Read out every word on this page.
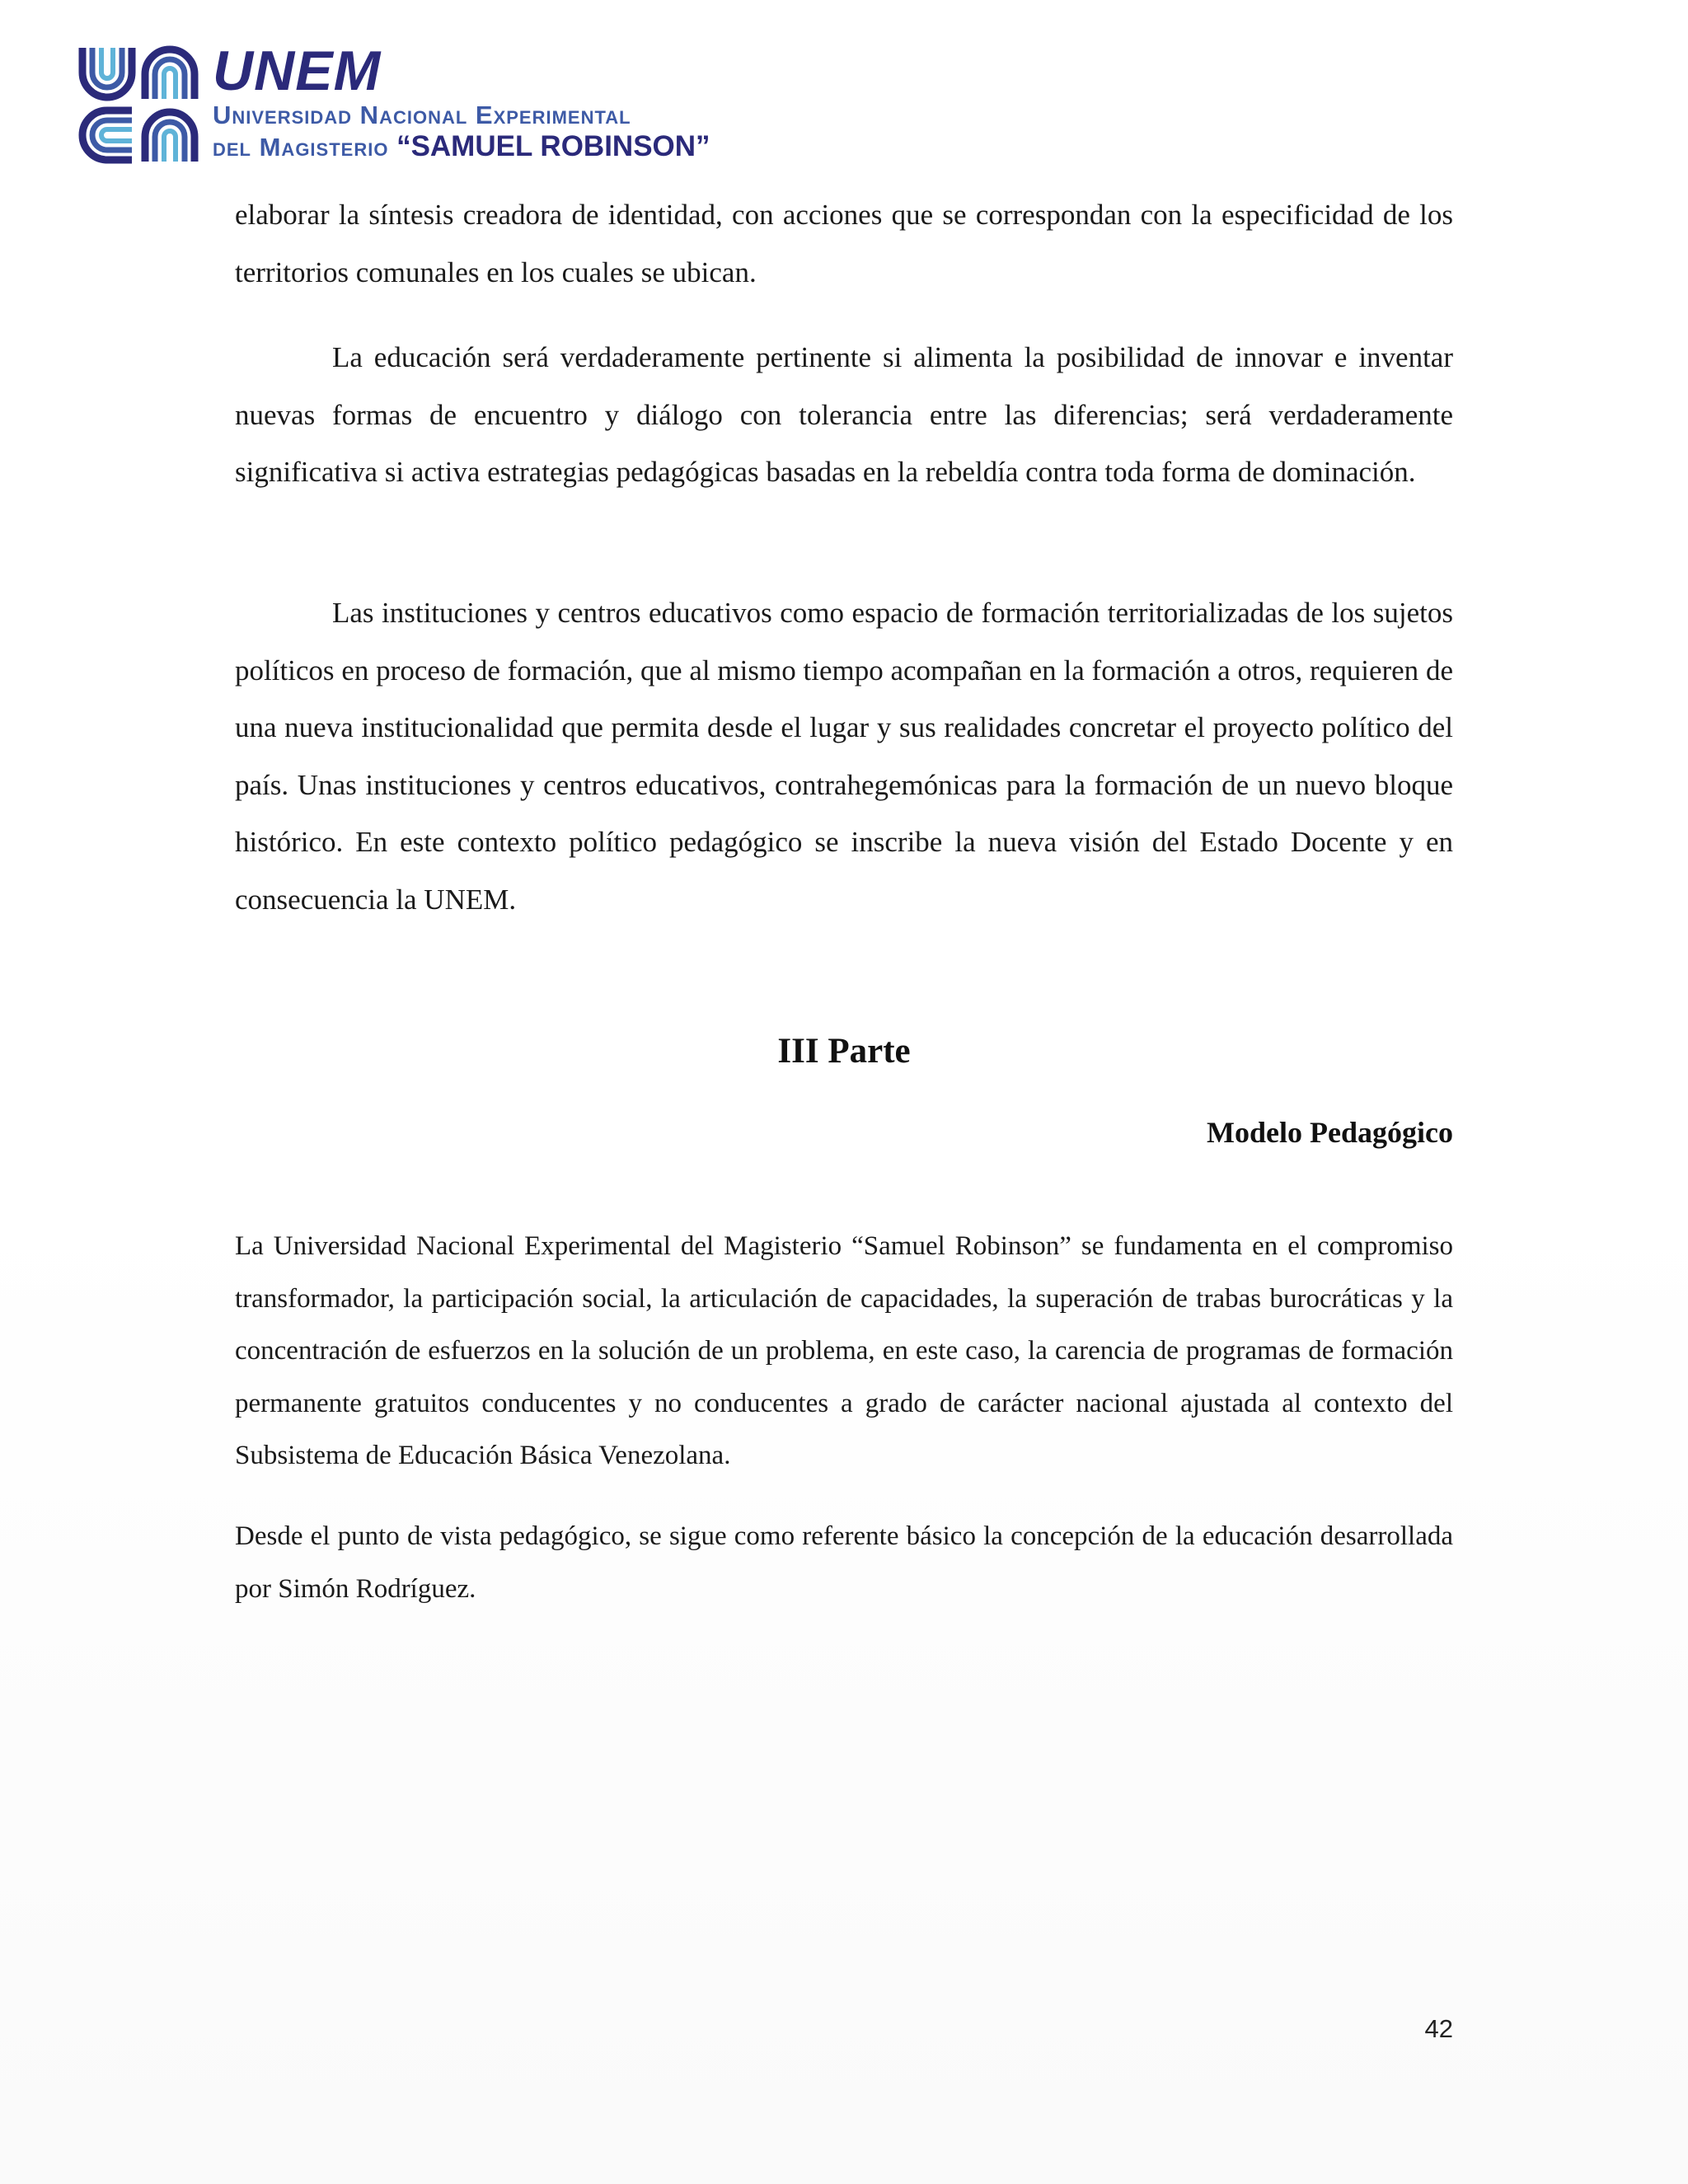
UNEM
Universidad Nacional Experimental
del Magisterio “SAMUEL ROBINSON”
elaborar la síntesis creadora de identidad, con acciones que se correspondan con la especificidad de los territorios comunales en los cuales se ubican.
La educación será verdaderamente pertinente si alimenta la posibilidad de innovar e inventar nuevas formas de encuentro y diálogo con tolerancia entre las diferencias; será verdaderamente significativa si activa estrategias pedagógicas basadas en la rebeldía contra toda forma de dominación.
Las instituciones y centros educativos como espacio de formación territorializadas de los sujetos políticos en proceso de formación, que al mismo tiempo acompañan en la formación a otros, requieren de una nueva institucionalidad que permita desde el lugar y sus realidades concretar el proyecto político del país. Unas instituciones y centros educativos, contrahegemónicas para la formación de un nuevo bloque histórico. En este contexto político pedagógico se inscribe la nueva visión del Estado Docente y en consecuencia la UNEM.
III Parte
Modelo Pedagógico
La Universidad Nacional Experimental del Magisterio “Samuel Robinson” se fundamenta en el compromiso transformador, la participación social, la articulación de capacidades, la superación de trabas burocráticas y la concentración de esfuerzos en la solución de un problema, en este caso, la carencia de programas de formación permanente gratuitos conducentes y no conducentes a grado de carácter nacional ajustada al contexto del Subsistema de Educación Básica Venezolana.
Desde el punto de vista pedagógico, se sigue como referente básico la concepción de la educación desarrollada por Simón Rodríguez.
42
